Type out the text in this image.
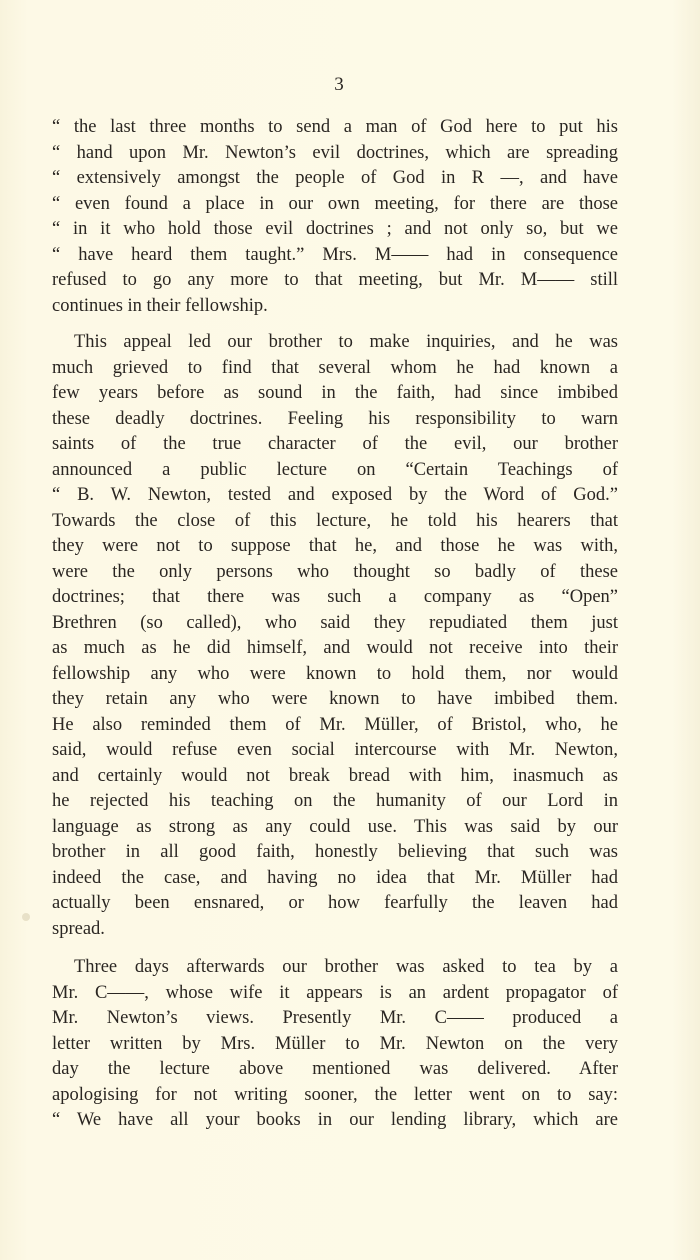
3
“ the last three months to send a man of God here to put his
“ hand upon Mr. Newton’s evil doctrines, which are spreading
“ extensively amongst the people of God in R ––, and have
“ even found a place in our own meeting, for there are those
“ in it who hold those evil doctrines ; and not only so, but we
“ have heard them taught.” Mrs. M—— had in consequence
refused to go any more to that meeting, but Mr. M—— still
continues in their fellowship.
This appeal led our brother to make inquiries, and he was
much grieved to find that several whom he had known a
few years before as sound in the faith, had since imbibed
these deadly doctrines. Feeling his responsibility to warn
saints of the true character of the evil, our brother
announced a public lecture on “Certain Teachings of
“ B. W. Newton, tested and exposed by the Word of God.”
Towards the close of this lecture, he told his hearers that
they were not to suppose that he, and those he was with,
were the only persons who thought so badly of these
doctrines; that there was such a company as “Open”
Brethren (so called), who said they repudiated them just
as much as he did himself, and would not receive into their
fellowship any who were known to hold them, nor would
they retain any who were known to have imbibed them.
He also reminded them of Mr. Müller, of Bristol, who, he
said, would refuse even social intercourse with Mr. Newton,
and certainly would not break bread with him, inasmuch as
he rejected his teaching on the humanity of our Lord in
language as strong as any could use. This was said by our
brother in all good faith, honestly believing that such was
indeed the case, and having no idea that Mr. Müller had
actually been ensnared, or how fearfully the leaven had
spread.
Three days afterwards our brother was asked to tea by a
Mr. C——, whose wife it appears is an ardent propagator of
Mr. Newton’s views. Presently Mr. C—— produced a
letter written by Mrs. Müller to Mr. Newton on the very
day the lecture above mentioned was delivered. After
apologising for not writing sooner, the letter went on to say:
“ We have all your books in our lending library, which are
